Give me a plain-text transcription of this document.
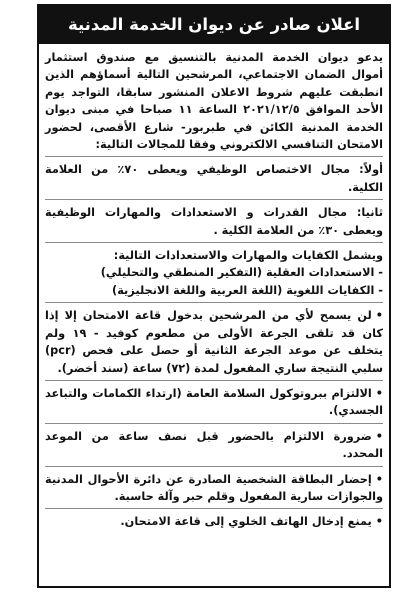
اعلان صادر عن ديوان الخدمة المدنية

يدعو ديوان الخدمة المدنية بالتنسيق مع صندوق استثمار أموال الضمان الاجتماعي، المرشحين التالية أسماؤهم الذين انطبقت عليهم شروط الاعلان المنشور سابقا، التواجد يوم الأحد الموافق ٢٠٢١/١٢/٥ الساعة ١١ صباحا في مبنى ديوان الخدمة المدنية الكائن في طبربور- شارع الأقصى، لحضور الامتحان التنافسي الالكتروني وفقا للمجالات التالية:

أولاً: مجال الاختصاص الوظيفي ويعطى ٧٠٪ من العلامة الكلية.

ثانيا: مجال القدرات و الاستعدادات والمهارات الوظيفية ويعطى ٣٠٪ من العلامة الكلية .

ويشمل الكفايات والمهارات والاستعدادات التالية:

- الاستعدادات العقلية (التفكير المنطقي والتحليلي)

- الكفايات اللغوية (اللغة العربية واللغة الانجليزية)

• لن يسمح لأي من المرشحين بدخول قاعة الامتحان إلا إذا كان قد تلقى الجرعة الأولى من مطعوم كوفيد - ١٩ ولم يتخلف عن موعد الجرعة الثانية أو حصل على فحص (pcr) سلبي النتيجة ساري المفعول لمدة (٧٢) ساعة (سند أخضر).

• الالتزام ببروتوكول السلامة العامة (ارتداء الكمامات والتباعد الجسدي).

• ضرورة الالتزام بالحضور قبل نصف ساعة من الموعد المحدد.

• إحضار البطاقة الشخصية الصادرة عن دائرة الأحوال المدنية والجوازات سارية المفعول وقلم حبر وآلة حاسبة.

• يمنع إدخال الهاتف الخلوي إلى قاعة الامتحان.
